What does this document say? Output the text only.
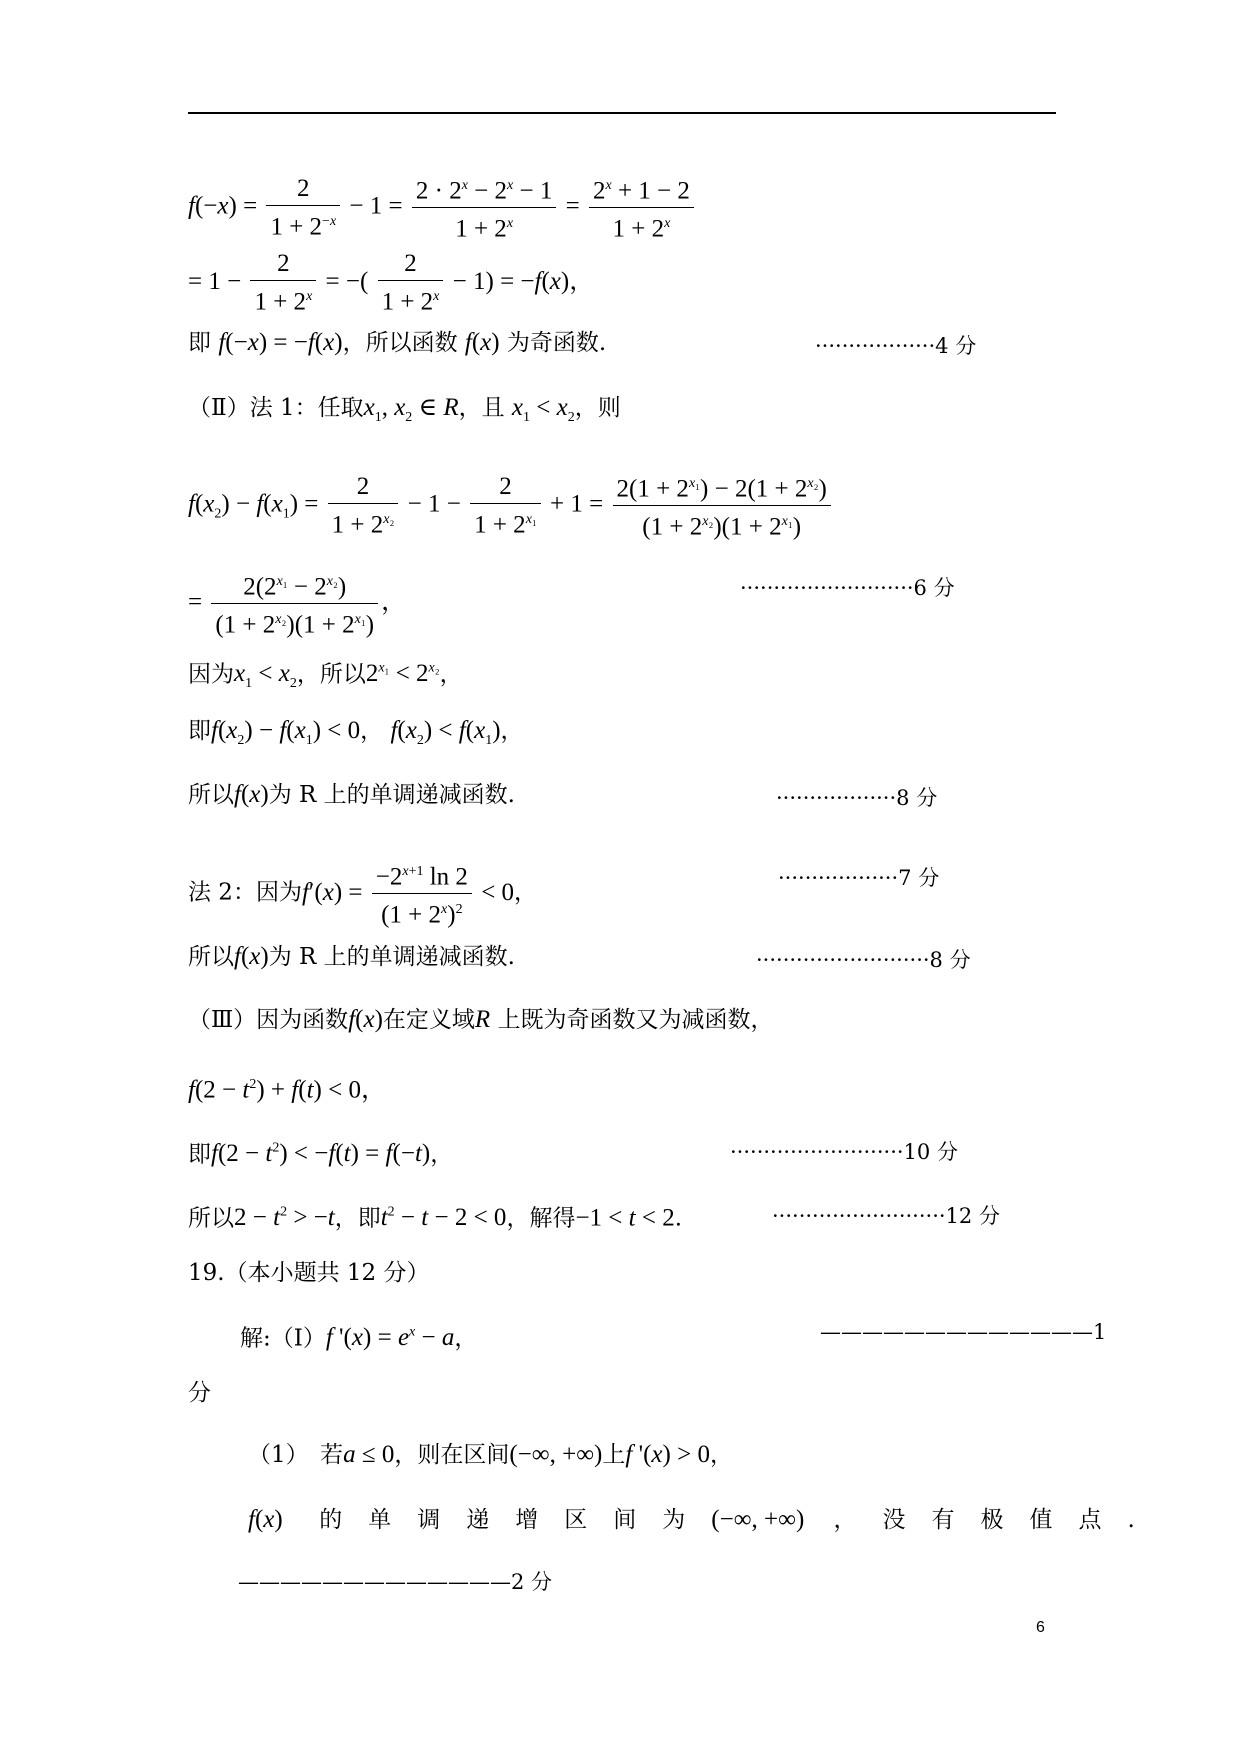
$f(-x) = \frac{2}{1 + 2^{-x}} - 1 = \frac{2 \cdot 2^x - 2^x - 1}{1 + 2^x} = \frac{2^x + 1 - 2}{1 + 2^x}$
= $1 - \frac{2}{1 + 2^x}$ = −( $\frac{2}{1 + 2^x} - 1) = -f(x)$，
即 f(−x) = −f(x)，所以函数 f(x) 为奇函数.	··················4 分
（Ⅱ）法 1：任取$x_1$, $x_2$ ∈ R，且 $x_1 < x_2$，则
$f(x_2) - f(x_1) = \frac{2}{1 + 2^{x_2}} - 1 - \frac{2}{1 + 2^{x_1}} + 1 = \frac{2(1 + 2^{x_1}) - 2(1 + 2^{x_2})}{(1 + 2^{x_2})(1 + 2^{x_1})}$
= $\frac{2(2^{x_1} - 2^{x_2})}{(1 + 2^{x_2})(1 + 2^{x_1})}$ ，
··························6 分
因为$x_1 < x_2$，所以$2^{x_1} < 2^{x_2}$，
即$f(x_2) - f(x_1) < 0$， $f(x_2) < f(x_1)$，
所以f(x)为 R 上的单调递减函数.	··················8 分
法 2：因为$f'(x) = \frac{-2^{x+1} \ln 2}{(1 + 2^x)^2} < 0$，
··················7 分
所以f(x)为 R 上的单调递减函数.	··························8 分
（Ⅲ）因为函数f(x)在定义域R 上既为奇函数又为减函数，
$f(2 - t^2) + f(t) < 0$，
即$f(2 - t^2) < -f(t) = f(-t)$，	··························10 分
所以$2 - t^2 > -t$，即$t^2 - t - 2 < 0$，解得−1 < t < 2.	··························12 分
19.（本小题共 12 分）
解:（Ⅰ）f '$(x) = e^x - a$，	—————————————1
分
（1）　若a ≤ 0，则在区间(−∞, +∞)上f '(x) > 0，
f(x) 的单调递增区间为(−∞, +∞) ，没有极值点.
—————————————2 分
6
